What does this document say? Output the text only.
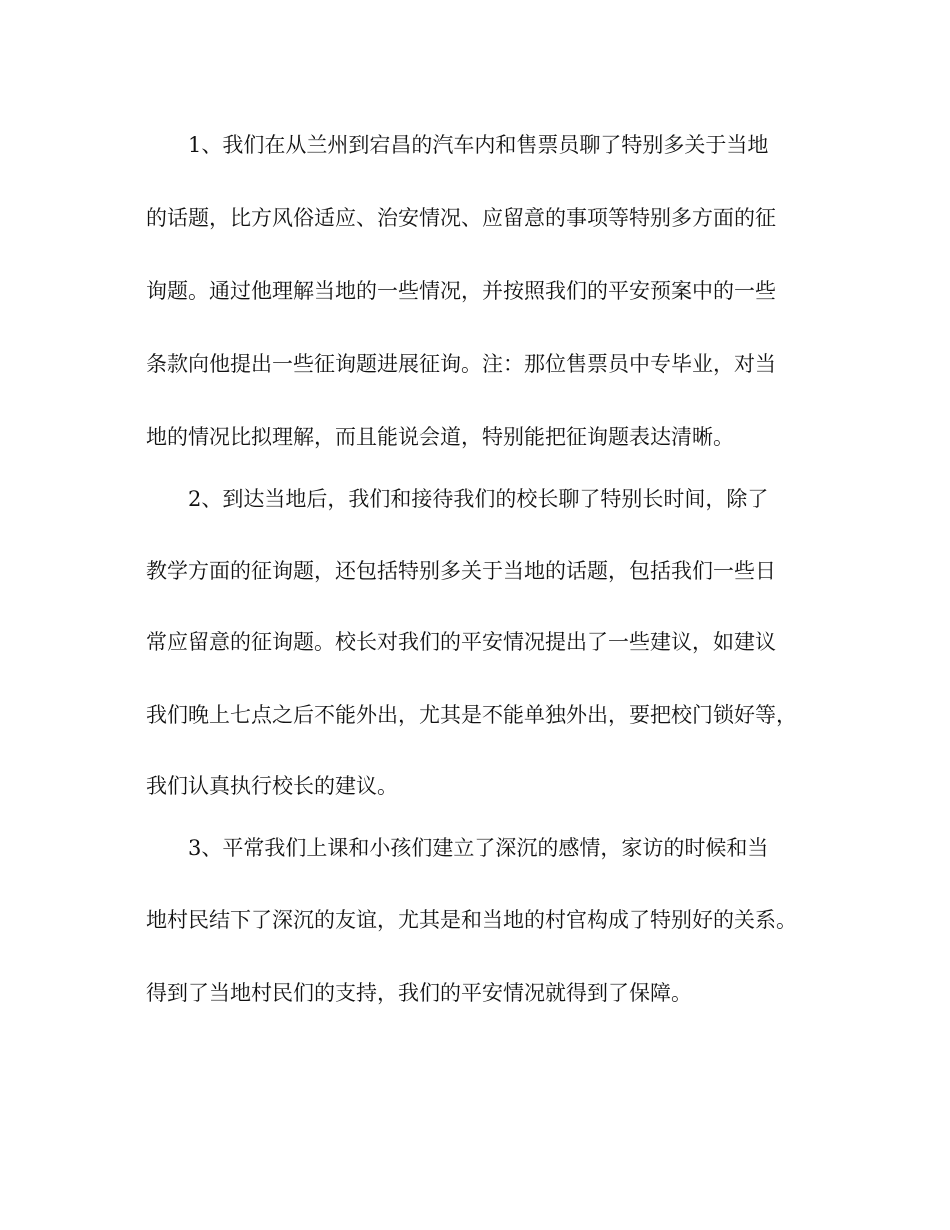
1、我们在从兰州到宕昌的汽车内和售票员聊了特别多关于当地

的话题，比方风俗适应、治安情况、应留意的事项等特别多方面的征

询题。通过他理解当地的一些情况，并按照我们的平安预案中的一些

条款向他提出一些征询题进展征询。注：那位售票员中专毕业，对当

地的情况比拟理解，而且能说会道，特别能把征询题表达清晰。

2、到达当地后，我们和接待我们的校长聊了特别长时间，除了

教学方面的征询题，还包括特别多关于当地的话题，包括我们一些日

常应留意的征询题。校长对我们的平安情况提出了一些建议，如建议

我们晚上七点之后不能外出，尤其是不能单独外出，要把校门锁好等，

我们认真执行校长的建议。

3、平常我们上课和小孩们建立了深沉的感情，家访的时候和当

地村民结下了深沉的友谊，尤其是和当地的村官构成了特别好的关系。

得到了当地村民们的支持，我们的平安情况就得到了保障。
